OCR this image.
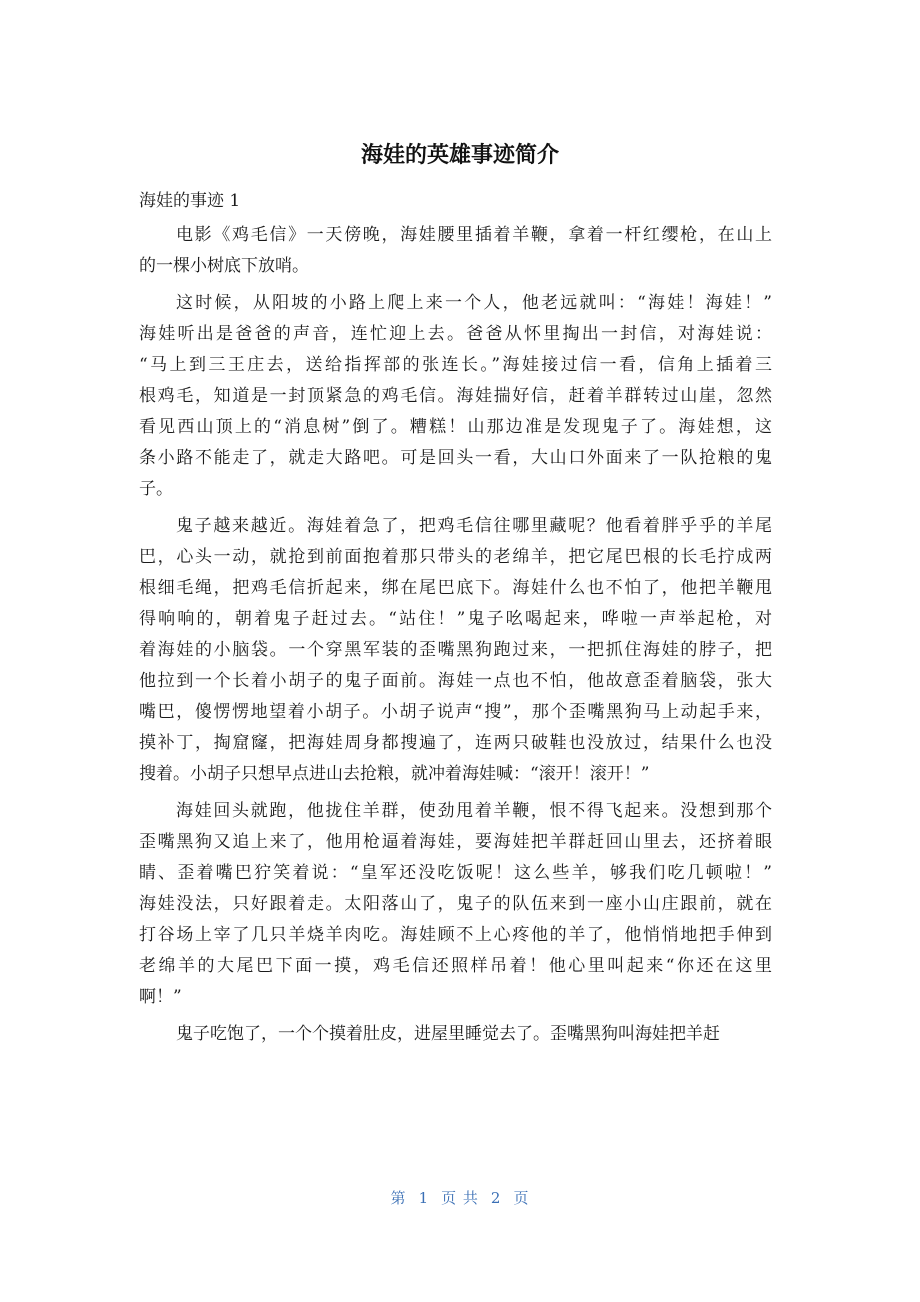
海娃的英雄事迹简介
海娃的事迹 1
电影《鸡毛信》一天傍晚，海娃腰里插着羊鞭，拿着一杆红缨枪，在山上
的一棵小树底下放哨。
这时候，从阳坡的小路上爬上来一个人，他老远就叫：“海娃！海娃！”
海娃听出是爸爸的声音，连忙迎上去。爸爸从怀里掏出一封信，对海娃说：
“马上到三王庄去，送给指挥部的张连长。”海娃接过信一看，信角上插着三
根鸡毛，知道是一封顶紧急的鸡毛信。海娃揣好信，赶着羊群转过山崖，忽然
看见西山顶上的“消息树”倒了。糟糕！山那边准是发现鬼子了。海娃想，这
条小路不能走了，就走大路吧。可是回头一看，大山口外面来了一队抢粮的鬼
子。
鬼子越来越近。海娃着急了，把鸡毛信往哪里藏呢？他看着胖乎乎的羊尾
巴，心头一动，就抢到前面抱着那只带头的老绵羊，把它尾巴根的长毛拧成两
根细毛绳，把鸡毛信折起来，绑在尾巴底下。海娃什么也不怕了，他把羊鞭甩
得响响的，朝着鬼子赶过去。“站住！”鬼子吆喝起来，哗啦一声举起枪，对
着海娃的小脑袋。一个穿黑军装的歪嘴黑狗跑过来，一把抓住海娃的脖子，把
他拉到一个长着小胡子的鬼子面前。海娃一点也不怕，他故意歪着脑袋，张大
嘴巴，傻愣愣地望着小胡子。小胡子说声“搜”，那个歪嘴黑狗马上动起手来，
摸补丁，掏窟窿，把海娃周身都搜遍了，连两只破鞋也没放过，结果什么也没
搜着。小胡子只想早点进山去抢粮，就冲着海娃喊：“滚开！滚开！”
海娃回头就跑，他拢住羊群，使劲甩着羊鞭，恨不得飞起来。没想到那个
歪嘴黑狗又追上来了，他用枪逼着海娃，要海娃把羊群赶回山里去，还挤着眼
睛、歪着嘴巴狞笑着说：“皇军还没吃饭呢！这么些羊，够我们吃几顿啦！”
海娃没法，只好跟着走。太阳落山了，鬼子的队伍来到一座小山庄跟前，就在
打谷场上宰了几只羊烧羊肉吃。海娃顾不上心疼他的羊了，他悄悄地把手伸到
老绵羊的大尾巴下面一摸，鸡毛信还照样吊着！他心里叫起来“你还在这里
啊！”
鬼子吃饱了，一个个摸着肚皮，进屋里睡觉去了。歪嘴黑狗叫海娃把羊赶
第 1 页 共 2 页
